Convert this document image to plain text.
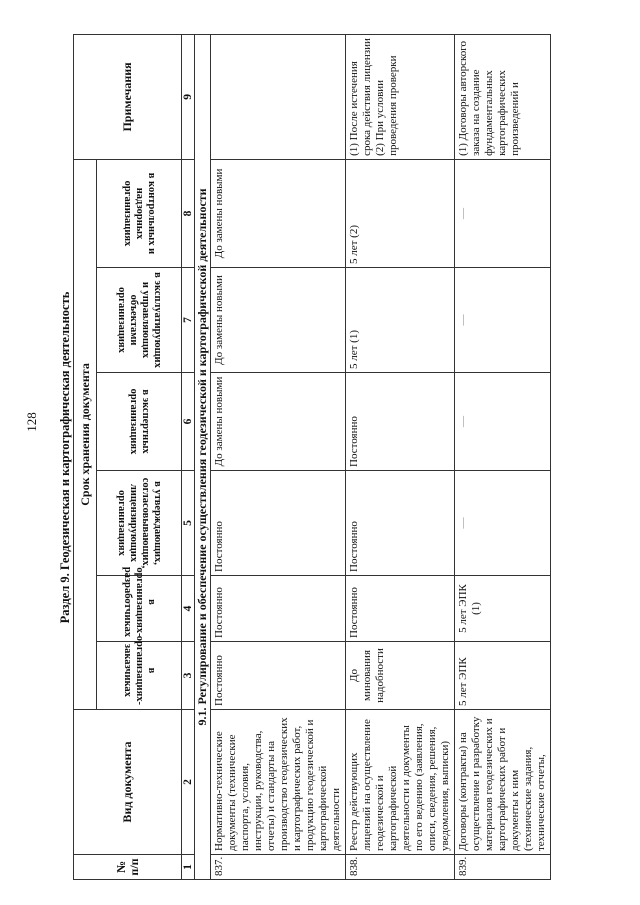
128	Раздел 9. Геодезическая и картографическая деятельность
№ п/п	Вид документа	Срок хранения документа						Примечания
		в организациях-заказчиках	в организациях-разработчиках	в утверждающих, согласовывающих, лицензирующих организациях	в экспертных организациях	в эксплуатирующих и управляющих объектами организациях	в контрольных и надзорных организациях	
1	2	3	4	5	6	7	8	9
9.1. Регулирование и обеспечение осуществления геодезической и картографической деятельности								
837.	Нормативно-технические документы (технические паспорта, условия, инструкции, руководства, отчеты) и стандарты на производство геодезических и картографических работ, продукцию геодезической и картографической деятельности	Постоянно	Постоянно	Постоянно	До замены новыми	До замены новыми	До замены новыми	
838.	Реестр действующих лицензий на осуществление геодезической и картографической деятельности и документы по его ведению (заявления, описи, сведения, решения, уведомления, выписки)	До минования надобности	Постоянно	Постоянно	Постоянно	5 лет (1)	5 лет (2)	(1) После истечения срока действия лицензии (2) При условии проведения проверки
839.	Договоры (контракты) на осуществление и разработку материалов геодезических и картографических работ и документы к ним (технические задания, технические отчеты,	5 лет ЭПК	5 лет ЭПК (1)	—	—	—	—	(1) Договоры авторского заказа на создание фундаментальных картографических произведений и
